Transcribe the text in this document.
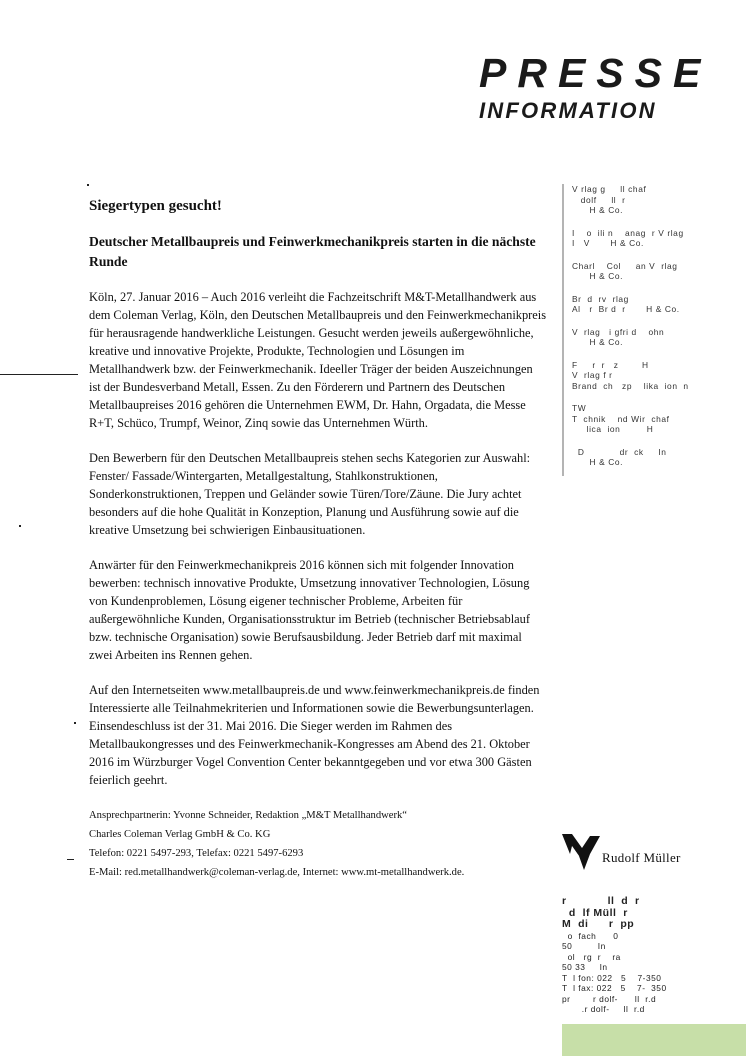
PRESSE
INFORMATION
Siegertypen gesucht!
Deutscher Metallbaupreis und Feinwerkmechanikpreis starten in die nächste Runde

Köln, 27. Januar 2016 – Auch 2016 verleiht die Fachzeitschrift M&T-Metallhandwerk aus dem Coleman Verlag, Köln, den Deutschen Metallbaupreis und den Feinwerkmechanikpreis für herausragende handwerkliche Leistungen. Gesucht werden jeweils außergewöhnliche, kreative und innovative Projekte, Produkte, Technologien und Lösungen im Metallhandwerk bzw. der Feinwerkmechanik. Ideeller Träger der beiden Auszeichnungen ist der Bundesverband Metall, Essen. Zu den Förderern und Partnern des Deutschen Metallbaupreises 2016 gehören die Unternehmen EWM, Dr. Hahn, Orgadata, die Messe R+T, Schüco, Trumpf, Weinor, Zinq sowie das Unternehmen Würth.

Den Bewerbern für den Deutschen Metallbaupreis stehen sechs Kategorien zur Auswahl: Fenster/ Fassade/Wintergarten, Metallgestaltung, Stahlkonstruktionen, Sonderkonstruktionen, Treppen und Geländer sowie Türen/Tore/Zäune. Die Jury achtet besonders auf die hohe Qualität in Konzeption, Planung und Ausführung sowie auf die kreative Umsetzung bei schwierigen Einbausituationen.

Anwärter für den Feinwerkmechanikpreis 2016 können sich mit folgender Innovation bewerben: technisch innovative Produkte, Umsetzung innovativer Technologien, Lösung von Kundenproblemen, Lösung eigener technischer Probleme, Arbeiten für außergewöhnliche Kunden, Organisationsstruktur im Betrieb (technischer Betriebsablauf bzw. technische Organisation) sowie Berufsausbildung. Jeder Betrieb darf mit maximal zwei Arbeiten ins Rennen gehen.

Auf den Internetseiten www.metallbaupreis.de und www.feinwerkmechanikpreis.de finden Interessierte alle Teilnahmekriterien und Informationen sowie die Bewerbungsunterlagen. Einsendeschluss ist der 31. Mai 2016. Die Sieger werden im Rahmen des Metallbaukongresses und des Feinwerkmechanik-Kongresses am Abend des 21. Oktober 2016 im Würzburger Vogel Convention Center bekanntgegeben und vor etwa 300 Gästen feierlich geehrt.

Ansprechpartnerin: Yvonne Schneider, Redaktion „M&T Metallhandwerk“
Charles Coleman Verlag GmbH & Co. KG
Telefon: 0221 5497-293, Telefax: 0221 5497-6293
E-Mail: red.metallhandwerk@coleman-verlag.de, Internet: www.mt-metallhandwerk.de.
V rlag g     ll chaf
dolf     ll  r
H & Co.
I    o  ili n    anag  r V rlag
I   V       H & Co.
Charl    Col     an V  rlag
H & Co.
Br  d  rv  rlag
Al   r  Br d  r       H & Co.
V  rlag   i gfri d    ohn
H & Co.
F     r  r   z        H
V  rlag f r
Brand  ch   zp    lika  ion  n
TW
T  chnik    nd Wir  chaf
lica  ion         H
D            dr  ck     In
H & Co.
Rudolf Müller
r            ll  d  r
d  lf Müll  r
M  di      r  pp
o  fach      0
50         In
ol   rg  r    ra
50 33     In
T  l fon: 022   5    7-350
T  l fax: 022   5    7-  350
pr        r dolf-      ll  r.d
.r dolf-     ll  r.d
